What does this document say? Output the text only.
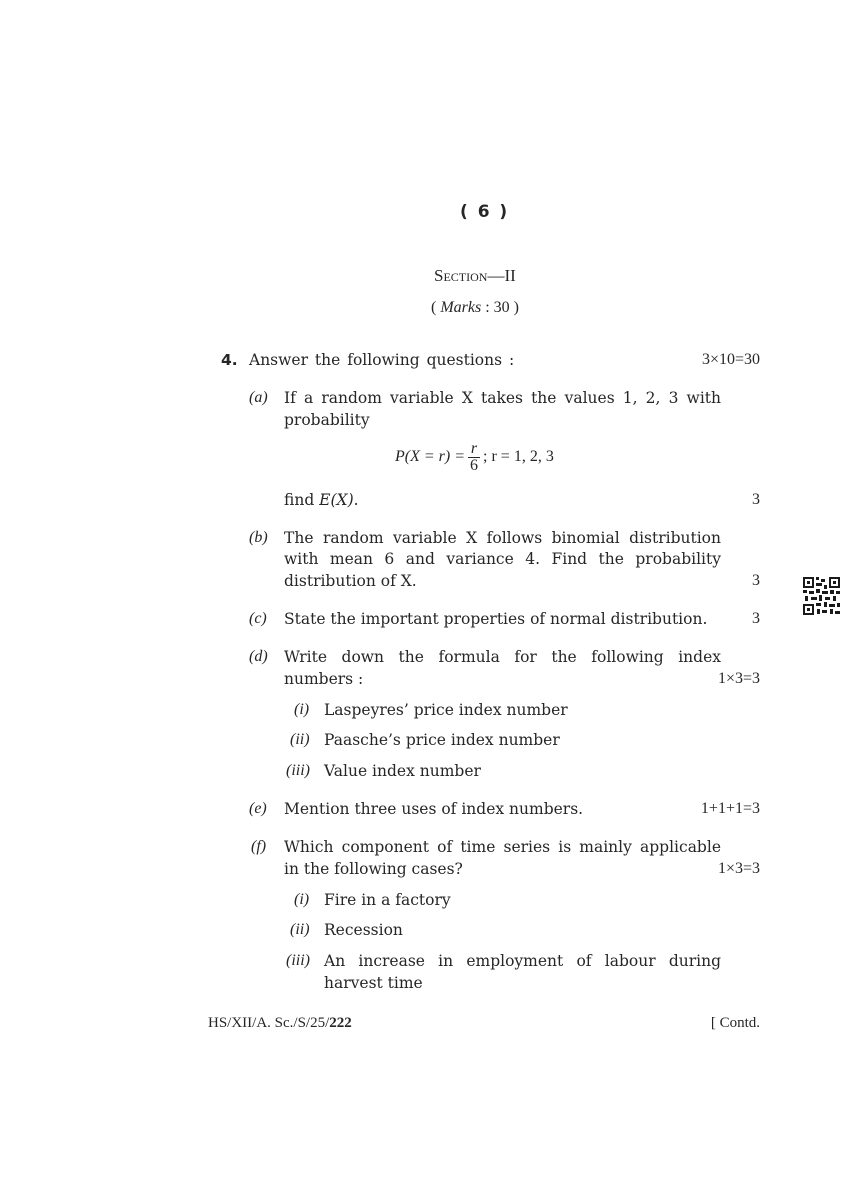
( 6 )
Section—II
( Marks : 30 )
4. Answer the following questions :	3×10=30
(a) If a random variable X takes the values 1, 2, 3 with
probability
$P(X = r) = \frac{r}{6}$ ; r = 1, 2, 3
find E(X).	3
(b) The random variable X follows binomial distribution
with mean 6 and variance 4. Find the probability
distribution of X.	3
(c) State the important properties of normal distribution.	3
(d) Write down the formula for the following index
numbers :	1×3=3
(i) Laspeyres’ price index number
(ii) Paasche’s price index number
(iii) Value index number
(e) Mention three uses of index numbers.	1+1+1=3
(f) Which component of time series is mainly applicable
in the following cases?	1×3=3
(i) Fire in a factory
(ii) Recession
(iii) An increase in employment of labour during
harvest time
HS/XII/A. Sc./S/25/222	[ Contd.
